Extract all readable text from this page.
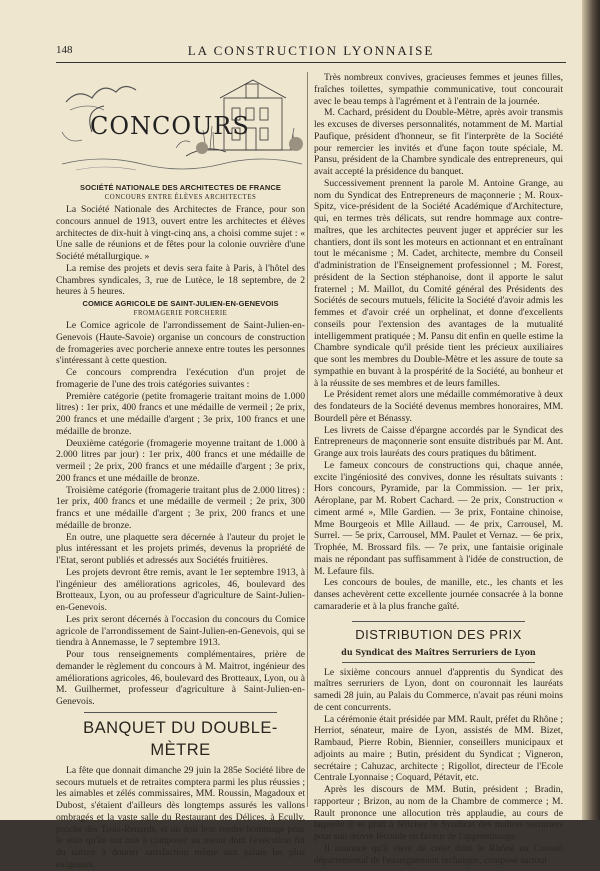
148	LA CONSTRUCTION LYONNAISE
CONCOURS

SOCIÉTÉ NATIONALE DES ARCHITECTES DE FRANCE

CONCOURS ENTRE ÉLÈVES ARCHITECTES

La Société Nationale des Architectes de France, pour son concours annuel de 1913, ouvert entre les architectes et élèves architectes de dix-huit à vingt-cinq ans, a choisi comme sujet : « Une salle de réunions et de fêtes pour la colonie ouvrière d'une Société métallurgique. »

La remise des projets et devis sera faite à Paris, à l'hôtel des Chambres syndicales, 3, rue de Lutèce, le 18 septembre, de 2 heures à 5 heures.

COMICE AGRICOLE DE SAINT-JULIEN-EN-GENEVOIS

FROMAGERIE PORCHERIE

Le Comice agricole de l'arrondissement de Saint-Julien-en-Genevois (Haute-Savoie) organise un concours de construction de fromageries avec porcherie annexe entre toutes les personnes s'intéressant à cette question.

Ce concours comprendra l'exécution d'un projet de fromagerie de l'une des trois catégories suivantes :

Première catégorie (petite fromagerie traitant moins de 1.000 litres) : 1er prix, 400 francs et une médaille de vermeil ; 2e prix, 200 francs et une médaille d'argent ; 3e prix, 100 francs et une médaille de bronze.

Deuxième catégorie (fromagerie moyenne traitant de 1.000 à 2.000 litres par jour) : 1er prix, 400 francs et une médaille de vermeil ; 2e prix, 200 francs et une médaille d'argent ; 3e prix, 200 francs et une médaille de bronze.

Troisième catégorie (fromagerie traitant plus de 2.000 litres) : 1er prix, 400 francs et une médaille de vermeil ; 2e prix, 300 francs et une médaille d'argent ; 3e prix, 200 francs et une médaille de bronze.

En outre, une plaquette sera décernée à l'auteur du projet le plus intéressant et les projets primés, devenus la propriété de l'Etat, seront publiés et adressés aux Sociétés fruitières.

Les projets devront être remis, avant le 1er septembre 1913, à l'ingénieur des améliorations agricoles, 46, boulevard des Brotteaux, Lyon, ou au professeur d'agriculture de Saint-Julien-en-Genevois.

Les prix seront décernés à l'occasion du concours du Comice agricole de l'arrondissement de Saint-Julien-en-Genevois, qui se tiendra à Annemasse, le 7 septembre 1913.

Pour tous renseignements complémentaires, prière de demander le règlement du concours à M. Maitrot, ingénieur des améliorations agricoles, 46, boulevard des Brotteaux, Lyon, ou à M. Guilhermet, professeur d'agriculture à Saint-Julien-en-Genevois.

BANQUET DU DOUBLE-MÈTRE

La fête que donnait dimanche 29 juin la 285e Société libre de secours mutuels et de retraites comptera parmi les plus réussies ; les aimables et zélés commissaires, MM. Roussin, Magadoux et Dubost, s'étaient d'ailleurs dès longtemps assurés les vallons ombragés et la vaste salle du Restaurant des Délices, à Ecully, proche des Trois-Renards, et on doit leur rendre hommage pour le soin qu'ils ont mis à composer un menu dont l'exécution fut du nature à donner satisfaction même aux palais les plus exigeants.

Très nombreux convives, gracieuses femmes et jeunes filles, fraîches toilettes, sympathie communicative, tout concourait avec le beau temps à l'agrément et à l'entrain de la journée.

M. Cachard, président du Double-Mètre, après avoir transmis les excuses de diverses personnalités, notamment de M. Martial Paufique, président d'honneur, se fit l'interprète de la Société pour remercier les invités et d'une façon toute spéciale, M. Pansu, président de la Chambre syndicale des entrepreneurs, qui avait accepté la présidence du banquet.

Successivement prennent la parole M. Antoine Grange, au nom du Syndicat des Entrepreneurs de maçonnerie ; M. Roux-Spitz, vice-président de la Société Académique d'Architecture, qui, en termes très délicats, sut rendre hommage aux contre-maîtres, que les architectes peuvent juger et apprécier sur les chantiers, dont ils sont les moteurs en actionnant et en entraînant tout le mécanisme ; M. Cadet, architecte, membre du Conseil d'administration de l'Enseignement professionnel ; M. Forest, président de la Section stéphanoise, dont il apporte le salut fraternel ; M. Maillot, du Comité général des Présidents des Sociétés de secours mutuels, félicite la Société d'avoir admis les femmes et d'avoir créé un orphelinat, et donne d'excellents conseils pour l'extension des avantages de la mutualité intelligemment pratiquée ; M. Pansu dit enfin en quelle estime la Chambre syndicale qu'il préside tient les précieux auxiliaires que sont les membres du Double-Mètre et les assure de toute sa sympathie en buvant à la prospérité de la Société, au bonheur et à la réussite de ses membres et de leurs familles.

Le Président remet alors une médaille commémorative à deux des fondateurs de la Société devenus membres honoraires, MM. Bourdell père et Bénassy.

Les livrets de Caisse d'épargne accordés par le Syndicat des Entrepreneurs de maçonnerie sont ensuite distribués par M. Ant. Grange aux trois lauréats des cours pratiques du bâtiment.

Le fameux concours de constructions qui, chaque année, excite l'ingéniosité des convives, donne les résultats suivants : Hors concours, Pyramide, par la Commission. — 1er prix, Aéroplane, par M. Robert Cachard. — 2e prix, Construction « ciment armé », Mlle Gardien. — 3e prix, Fontaine chinoise, Mme Bourgeois et Mlle Aillaud. — 4e prix, Carrousel, M. Surrel. — 5e prix, Carrousel, MM. Paulet et Vernaz. — 6e prix, Trophée, M. Brossard fils. — 7e prix, une fantaisie originale mais ne répondant pas suffisamment à l'idée de construction, de M. Lefaure fils.

Les concours de boules, de manille, etc., les chants et les danses achevèrent cette excellente journée consacrée à la bonne camaraderie et à la plus franche gaîté.

DISTRIBUTION DES PRIX

du Syndicat des Maîtres Serruriers de Lyon

Le sixième concours annuel d'apprentis du Syndicat des maîtres serruriers de Lyon, dont on couronnait les lauréats samedi 28 juin, au Palais du Commerce, n'avait pas réuni moins de cent concurrents.

La cérémonie était présidée par MM. Rault, préfet du Rhône ; Herriot, sénateur, maire de Lyon, assistés de MM. Bizet, Rambaud, Pierre Robin, Biennier, conseillers municipaux et adjoints au maire ; Butin, président du Syndicat ; Vigneron, secrétaire ; Cahuzac, architecte ; Rigollot, directeur de l'Ecole Centrale Lyonnaise ; Coquard, Pétavit, etc.

Après les discours de MM. Butin, président ; Bradin, rapporteur ; Brizon, au nom de la Chambre de commerce ; M. Rault prononce une allocution très applaudie, au cours de laquelle il se plaît à féliciter le Syndicat des maîtres serruriers pour son œuvre féconde en faveur de l'apprentissage.

Il annonce qu'il vient de créer dans le Rhône un Conseil départemental de l'enseignement technique, composé surtout
